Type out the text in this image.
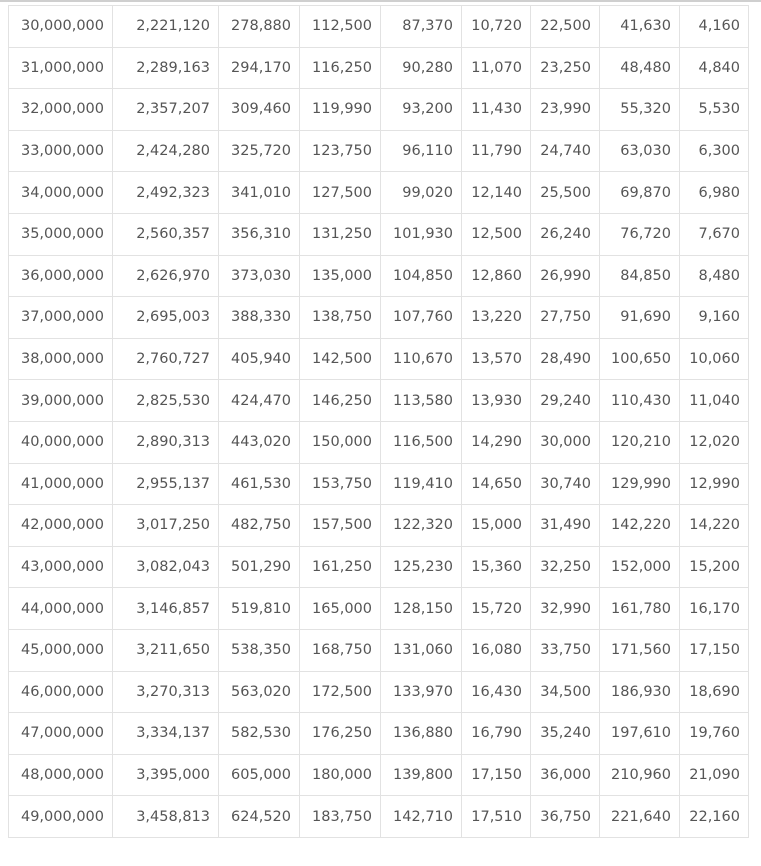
30,000,000	2,221,120	278,880	112,500	87,370	10,720	22,500	41,630	4,160
31,000,000	2,289,163	294,170	116,250	90,280	11,070	23,250	48,480	4,840
32,000,000	2,357,207	309,460	119,990	93,200	11,430	23,990	55,320	5,530
33,000,000	2,424,280	325,720	123,750	96,110	11,790	24,740	63,030	6,300
34,000,000	2,492,323	341,010	127,500	99,020	12,140	25,500	69,870	6,980
35,000,000	2,560,357	356,310	131,250	101,930	12,500	26,240	76,720	7,670
36,000,000	2,626,970	373,030	135,000	104,850	12,860	26,990	84,850	8,480
37,000,000	2,695,003	388,330	138,750	107,760	13,220	27,750	91,690	9,160
38,000,000	2,760,727	405,940	142,500	110,670	13,570	28,490	100,650	10,060
39,000,000	2,825,530	424,470	146,250	113,580	13,930	29,240	110,430	11,040
40,000,000	2,890,313	443,020	150,000	116,500	14,290	30,000	120,210	12,020
41,000,000	2,955,137	461,530	153,750	119,410	14,650	30,740	129,990	12,990
42,000,000	3,017,250	482,750	157,500	122,320	15,000	31,490	142,220	14,220
43,000,000	3,082,043	501,290	161,250	125,230	15,360	32,250	152,000	15,200
44,000,000	3,146,857	519,810	165,000	128,150	15,720	32,990	161,780	16,170
45,000,000	3,211,650	538,350	168,750	131,060	16,080	33,750	171,560	17,150
46,000,000	3,270,313	563,020	172,500	133,970	16,430	34,500	186,930	18,690
47,000,000	3,334,137	582,530	176,250	136,880	16,790	35,240	197,610	19,760
48,000,000	3,395,000	605,000	180,000	139,800	17,150	36,000	210,960	21,090
49,000,000	3,458,813	624,520	183,750	142,710	17,510	36,750	221,640	22,160
